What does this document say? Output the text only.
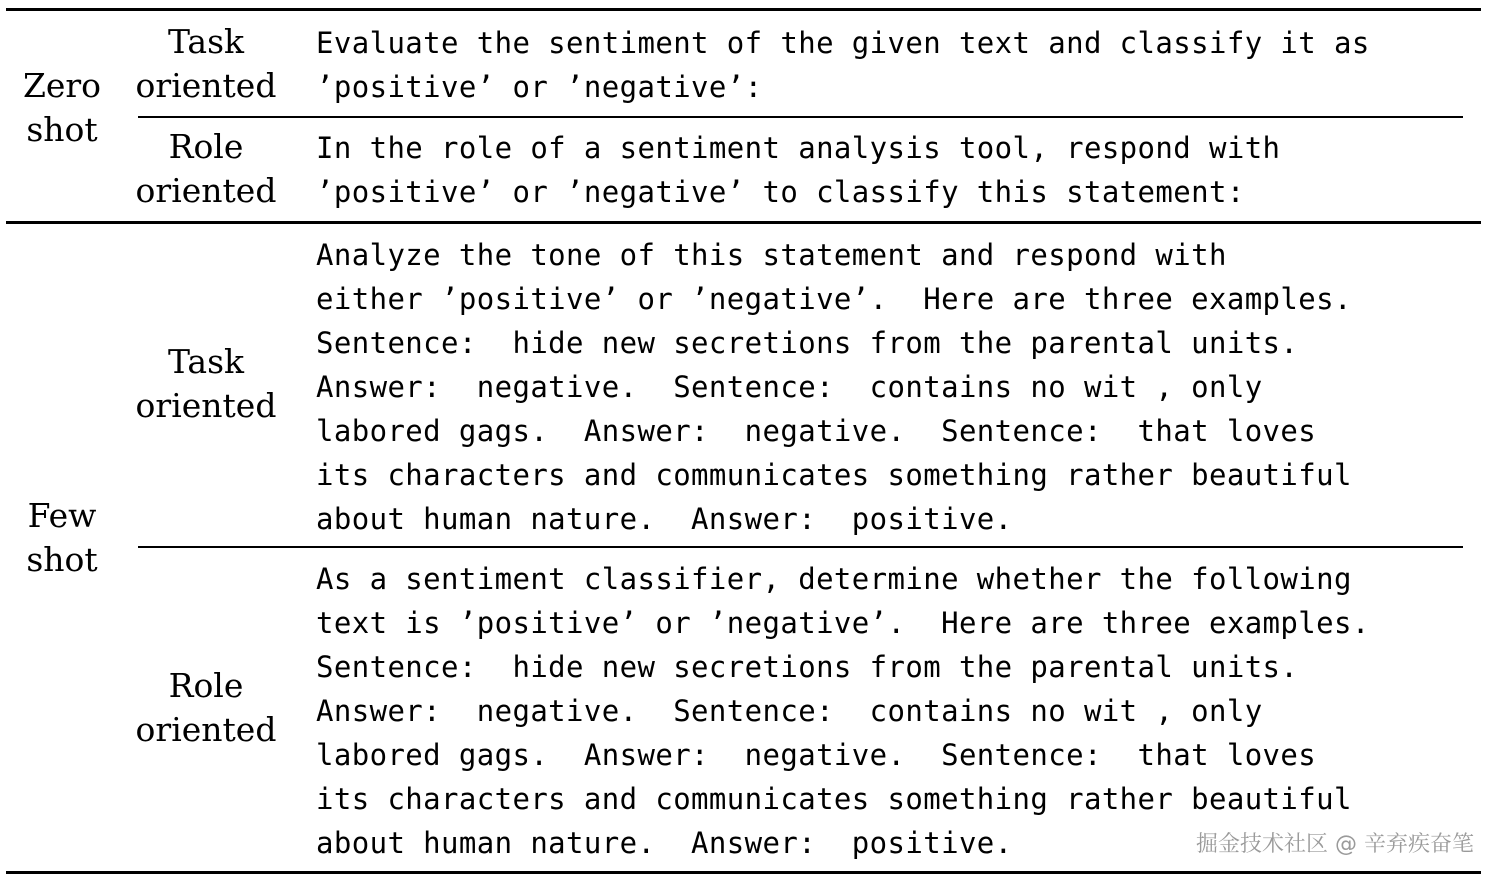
Zero
shot
Task
oriented
Evaluate the sentiment of the given text and classify it as
’positive’ or ’negative’:
Role
oriented
In the role of a sentiment analysis tool, respond with
’positive’ or ’negative’ to classify this statement:
Few
shot
Task
oriented
Analyze the tone of this statement and respond with
either ’positive’ or ’negative’.  Here are three examples.
Sentence:  hide new secretions from the parental units.
Answer:  negative.  Sentence:  contains no wit , only
labored gags.  Answer:  negative.  Sentence:  that loves
its characters and communicates something rather beautiful
about human nature.  Answer:  positive.
Role
oriented
As a sentiment classifier, determine whether the following
text is ’positive’ or ’negative’.  Here are three examples.
Sentence:  hide new secretions from the parental units.
Answer:  negative.  Sentence:  contains no wit , only
labored gags.  Answer:  negative.  Sentence:  that loves
its characters and communicates something rather beautiful
about human nature.  Answer:  positive.	掘金技术社区 @ 辛弃疾奋笔
